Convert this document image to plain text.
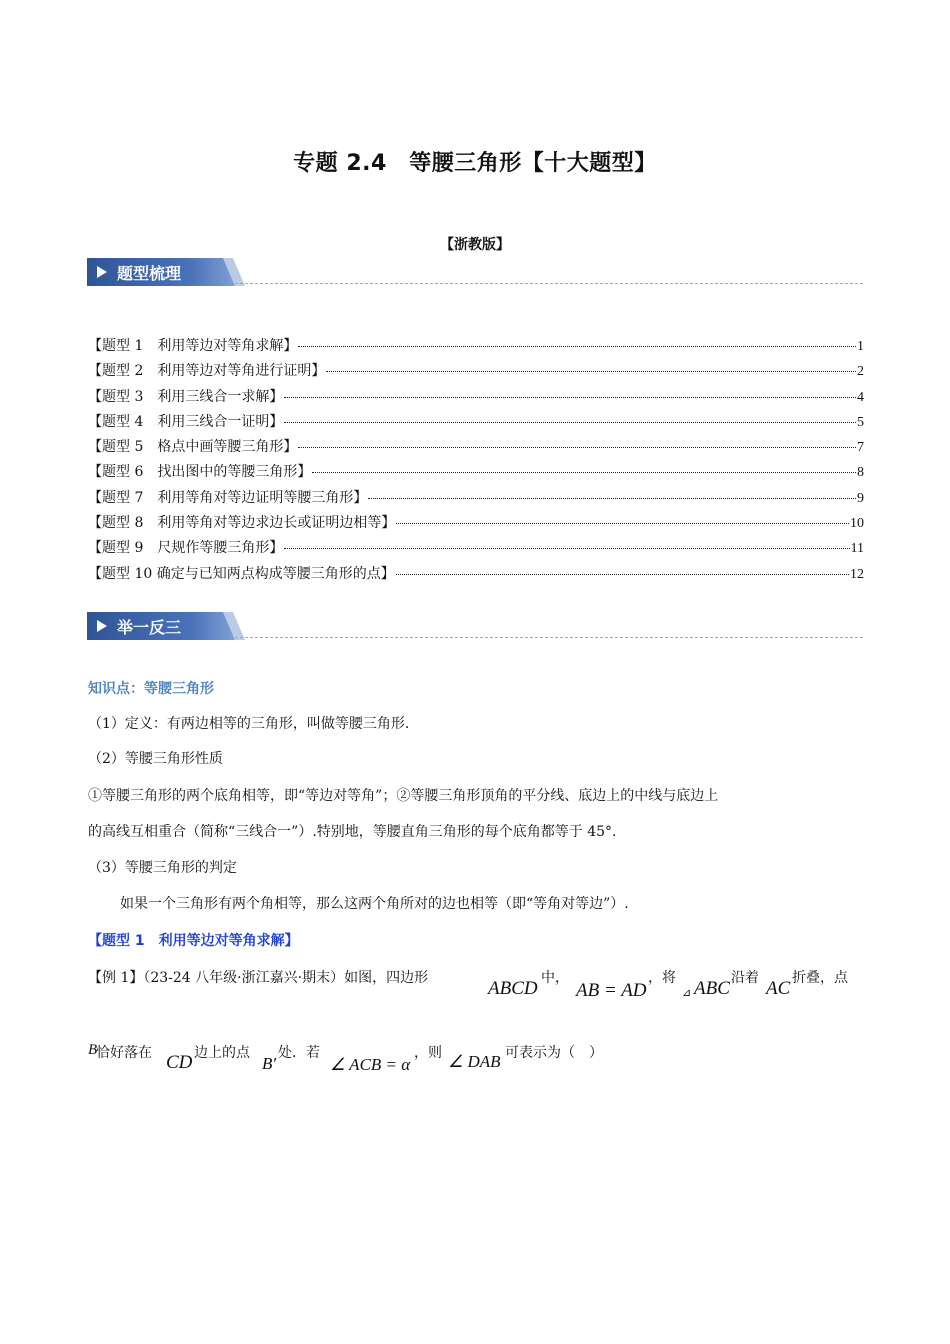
专题 2.4　等腰三角形【十大题型】
【浙教版】
题型梳理
【题型 1　利用等边对等角求解】	1
【题型 2　利用等边对等角进行证明】	2
【题型 3　利用三线合一求解】	4
【题型 4　利用三线合一证明】	5
【题型 5　格点中画等腰三角形】	7
【题型 6　找出图中的等腰三角形】	8
【题型 7　利用等角对等边证明等腰三角形】	9
【题型 8　利用等角对等边求边长或证明边相等】	10
【题型 9　尺规作等腰三角形】	11
【题型 10 确定与已知两点构成等腰三角形的点】	12
举一反三
知识点：等腰三角形
（1）定义：有两边相等的三角形，叫做等腰三角形.
（2）等腰三角形性质
①等腰三角形的两个底角相等，即“等边对等角”；②等腰三角形顶角的平分线、底边上的中线与底边上
的高线互相重合（简称“三线合一”）.特别地，等腰直角三角形的每个底角都等于 45°.
（3）等腰三角形的判定
如果一个三角形有两个角相等，那么这两个角所对的边也相等（即“等角对等边”）.
【题型 1　利用等边对等角求解】
【例 1】（23-24 八年级·浙江嘉兴·期末）如图，四边形	ABCD 中，
AB = AD
，将
⊿ ABC 沿着 AC 折叠，点
B
恰好落在 CD 边上的点
B′
处．若
∠ ACB = α
，则 ∠ DAB 可表示为（　）
